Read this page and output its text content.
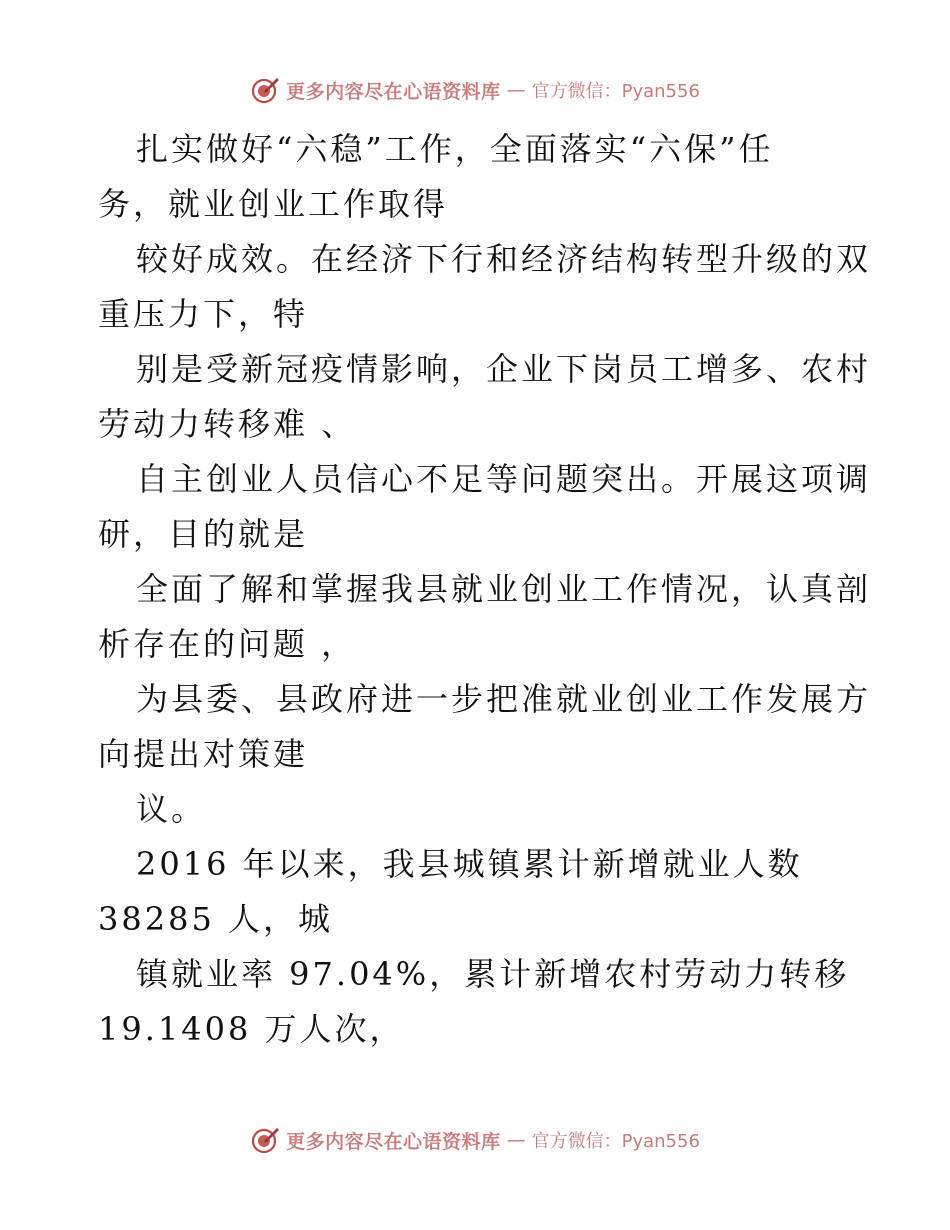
更多内容尽在心语资料库 — 官方微信：Pyan556
扎实做好“六稳”工作，全面落实“六保”任
务，就业创业工作取得
较好成效。在经济下行和经济结构转型升级的双
重压力下，特
别是受新冠疫情影响，企业下岗员工增多、农村
劳动力转移难 、
自主创业人员信心不足等问题突出。开展这项调
研，目的就是
全面了解和掌握我县就业创业工作情况，认真剖
析存在的问题 ，
为县委、县政府进一步把准就业创业工作发展方
向提出对策建
议。
2016 年以来，我县城镇累计新增就业人数
38285 人，城
镇就业率 97.04%，累计新增农村劳动力转移
19.1408 万人次，
更多内容尽在心语资料库 — 官方微信：Pyan556
